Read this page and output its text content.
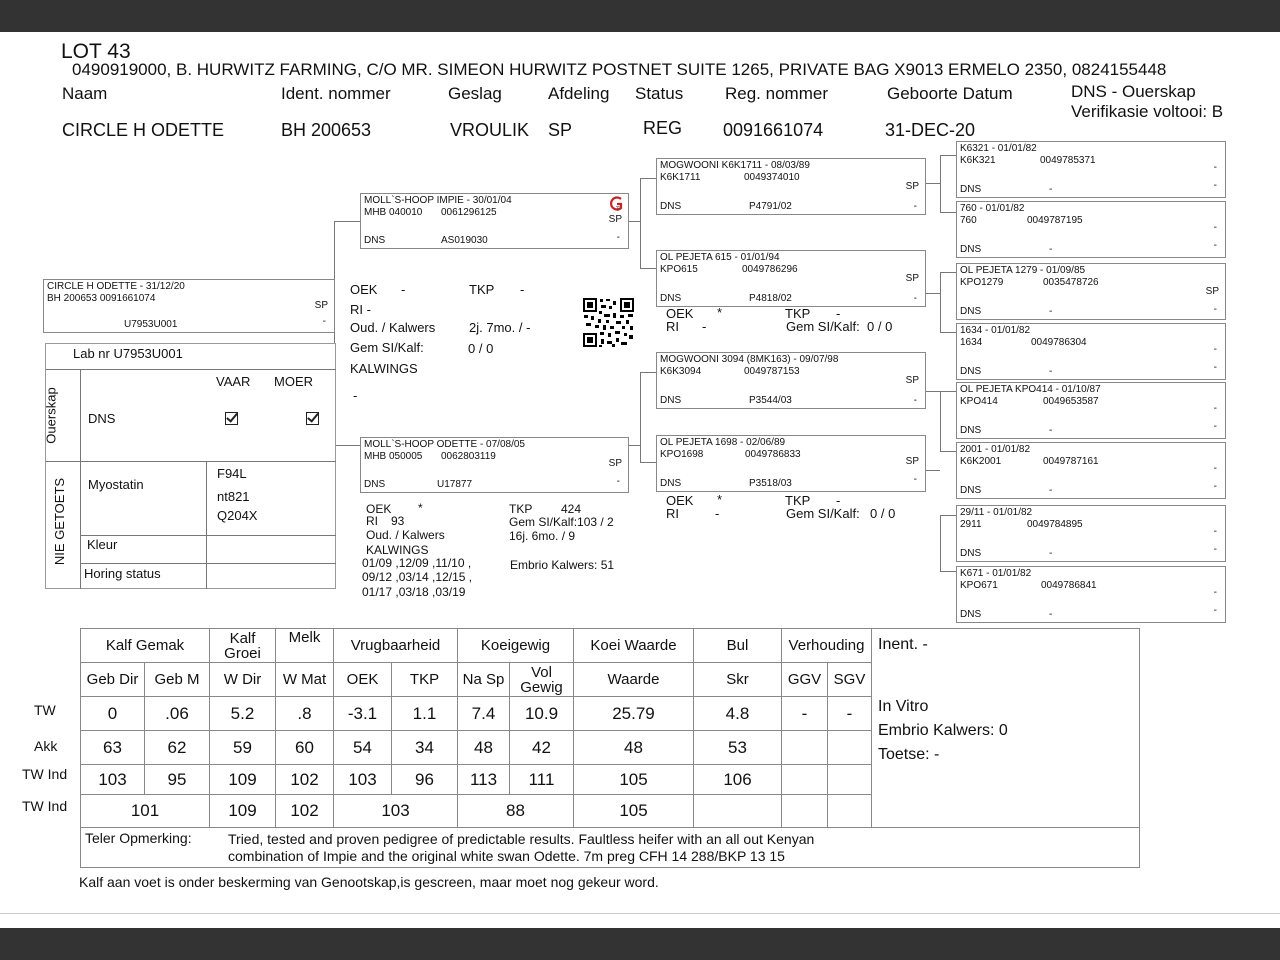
LOT 43
0490919000, B. HURWITZ FARMING, C/O MR. SIMEON HURWITZ POSTNET SUITE 1265, PRIVATE BAG X9013 ERMELO 2350, 0824155448
Naam	Ident. nommer	Geslag	Afdeling Status Reg. nommer	Geboorte Datum	DNS - Ouerskap
Verifikasie voltooi: B
CIRCLE H ODETTE	BH 200653	VROULIK SP	REG 0091661074	31-DEC-20
CIRCLE H ODETTE - 31/12/20
BH 200653 0091661074
SP
-
U7953U001
OEK -	TKP -
RI -
Oud. / Kalwers	2j. 7mo. / -
Gem SI/Kalf:	0 / 0
KALWINGS
-
Lab nr U7953U001
VAAR MOER
Ouerskap
NIE GETOETS
DNS

Myostatin
F94L
nt821
Q204X
Kleur
Horing status
MOLL`S-HOOP IMPIE - 30/01/04
MHB 040010 0061296125	T
SP
-
DNS	AS019030
MOLL`S-HOOP ODETTE - 07/08/05
MHB 050005 0062803119
SP
-
DNS	U17877
OEK *
RI 93
Oud. / Kalwers
KALWINGS
01/09 ,12/09 ,11/10 ,
09/12 ,03/14 ,12/15 ,
01/17 ,03/18 ,03/19
TKP 424
Gem SI/Kalf:103 / 2
16j. 6mo. / 9
Embrio Kalwers: 51
MOGWOONI K6K1711 - 08/03/89
K6K1711	0049374010
SP
-
DNS	P4791/02
OL PEJETA 615 - 01/01/94
KPO615	0049786296
SP
-
DNS	P4818/02
MOGWOONI 3094 (8MK163) - 09/07/98
K6K3094	0049787153
SP
-
DNS	P3544/03
OL PEJETA 1698 - 02/06/89
KPO1698	0049786833
SP
-
DNS	P3518/03
OEK *	TKP -
RI -	Gem SI/Kalf: 0 / 0
OEK *	TKP -
RI	-	Gem SI/Kalf: 0 / 0
K6321 - 01/01/82
K6K321	0049785371
-
-
DNS	-
760 - 01/01/82
760	0049787195
-
-
DNS	-
OL PEJETA 1279 - 01/09/85
KPO1279	0035478726
SP
-
DNS	-
1634 - 01/01/82
1634	0049786304
-
-
DNS	-
OL PEJETA KPO414 - 01/10/87
KPO414	0049653587
-
-
DNS	-
2001 - 01/01/82
K6K2001	0049787161
-
-
DNS	-
29/11 - 01/01/82
2911	0049784895
-
-
DNS	-
K671 - 01/01/82
KPO671	0049786841
-
-
DNS	-
TW
Akk
TW Ind
TW Ind
Kalf Gemak		Kalf Groei	Melk	Vrugbaarheid		Koeigewig		Koei Waarde	Bul	Verhouding		Inent. -
In Vitro
Embrio Kalwers: 0
Toetse: -

Geb Dir	Geb M	W Dir	W Mat	OEK	TKP	Na Sp	Vol Gewig	Waarde	Skr	GGV	SGV	
0	.06	5.2	.8	-3.1	1.1	7.4	10.9	25.79	4.8	-	-	
63	62	59	60	54	34	48	42	48	53			
103	95	109	102	103	96	113	111	105	106			
101		109	102	103		88		105				

Teler Opmerking: Tried, tested and proven pedigree of predictable results. Faultless heifer with an all out Kenyan
combination of Impie and the original white swan Odette. 7m preg CFH 14 288/BKP 13 15												
Kalf aan voet is onder beskerming van Genootskap,is gescreen, maar moet nog gekeur word.
